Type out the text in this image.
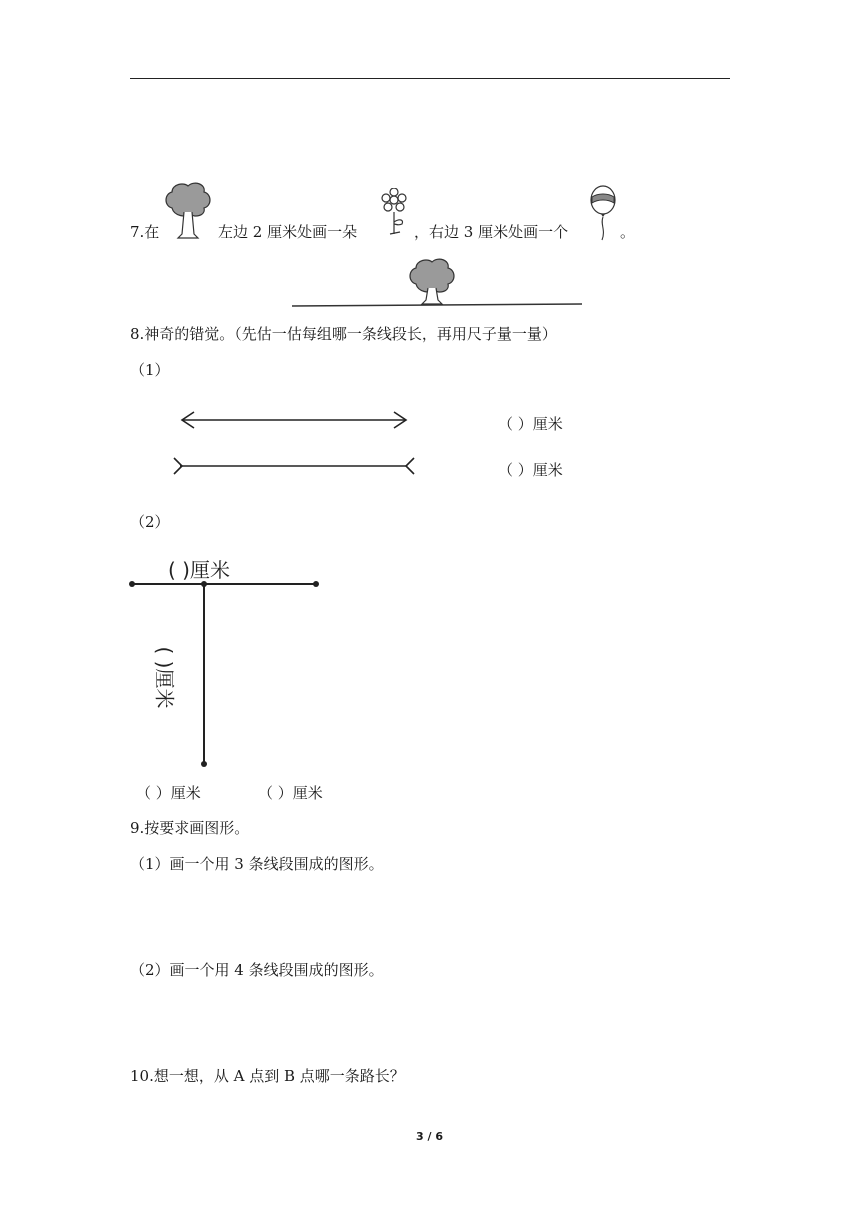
7.在	左边 2 厘米处画一朵	，右边 3 厘米处画一个	。
8.神奇的错觉。（先估一估每组哪一条线段长，再用尺子量一量）
（1）
（ ）厘米
（ ）厘米
（2）
( )厘米
( )厘米
（ ）厘米	（ ）厘米
9.按要求画图形。
（1）画一个用 3 条线段围成的图形。
（2）画一个用 4 条线段围成的图形。
10.想一想，从 A 点到 B 点哪一条路长？
3 / 6
